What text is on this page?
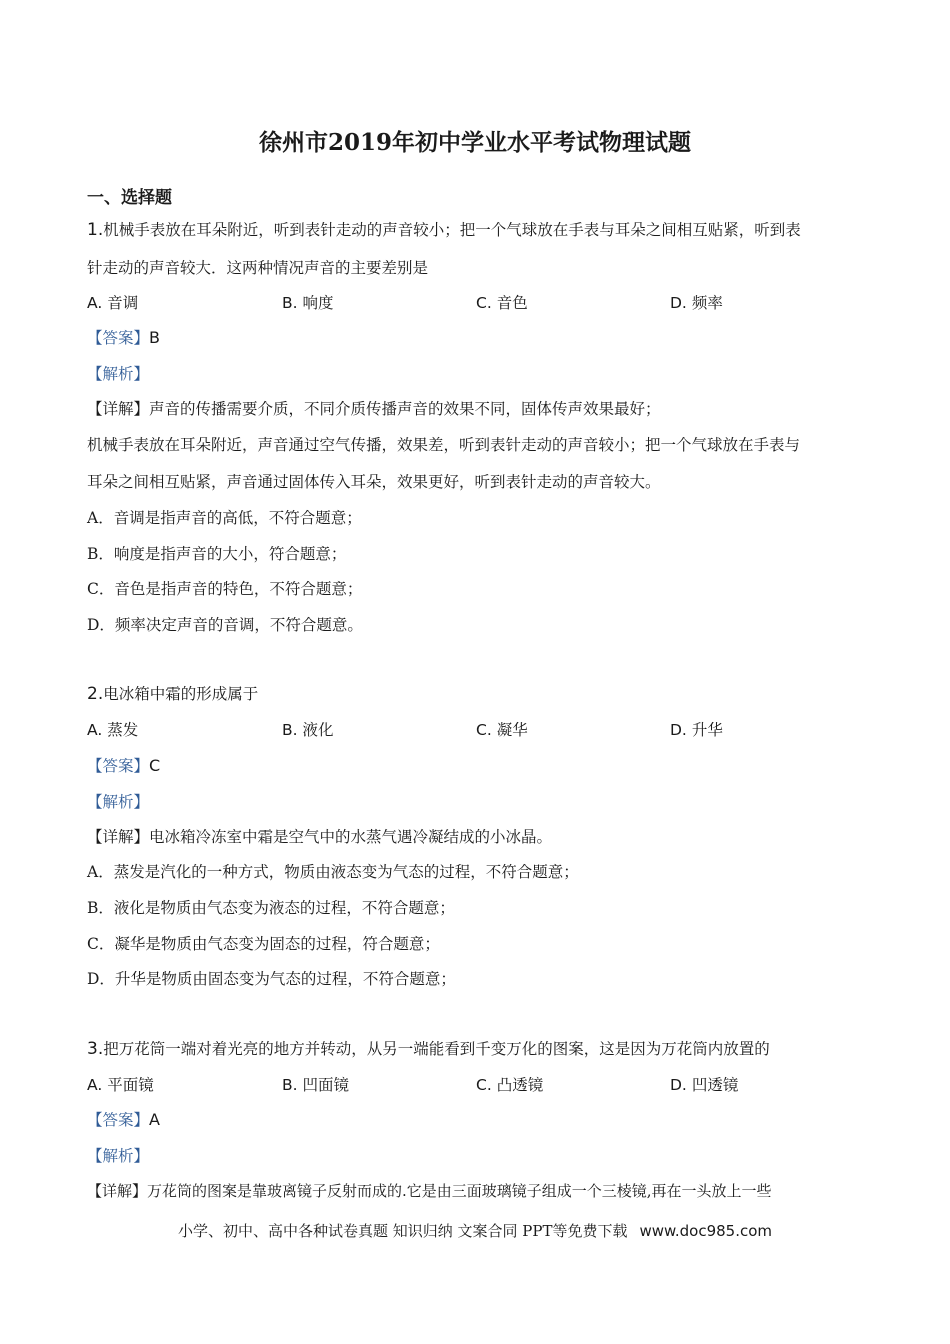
徐州市2019年初中学业水平考试物理试题
一、选择题
1.机械手表放在耳朵附近，听到表针走动的声音较小；把一个气球放在手表与耳朵之间相互贴紧，听到表
针走动的声音较大．这两种情况声音的主要差别是
A. 音调	B. 响度	C. 音色	D. 频率
【答案】B
【解析】
【详解】声音的传播需要介质，不同介质传播声音的效果不同，固体传声效果最好；
机械手表放在耳朵附近，声音通过空气传播，效果差，听到表针走动的声音较小；把一个气球放在手表与
耳朵之间相互贴紧，声音通过固体传入耳朵，效果更好，听到表针走动的声音较大。
A．音调是指声音的高低，不符合题意；
B．响度是指声音的大小，符合题意；
C．音色是指声音的特色，不符合题意；
D．频率决定声音的音调，不符合题意。
2.电冰箱中霜的形成属于
A. 蒸发	B. 液化	C. 凝华	D. 升华
【答案】C
【解析】
【详解】电冰箱冷冻室中霜是空气中的水蒸气遇冷凝结成的小冰晶。
A．蒸发是汽化的一种方式，物质由液态变为气态的过程，不符合题意；
B．液化是物质由气态变为液态的过程，不符合题意；
C．凝华是物质由气态变为固态的过程，符合题意；
D．升华是物质由固态变为气态的过程，不符合题意；
3.把万花筒一端对着光亮的地方并转动，从另一端能看到千变万化的图案，这是因为万花筒内放置的
A. 平面镜	B. 凹面镜	C. 凸透镜	D. 凹透镜
【答案】A
【解析】
【详解】万花筒的图案是靠玻离镜子反射而成的.它是由三面玻璃镜子组成一个三棱镜,再在一头放上一些
小学、初中、高中各种试卷真题 知识归纳 文案合同 PPT等免费下载 www.doc985.com
